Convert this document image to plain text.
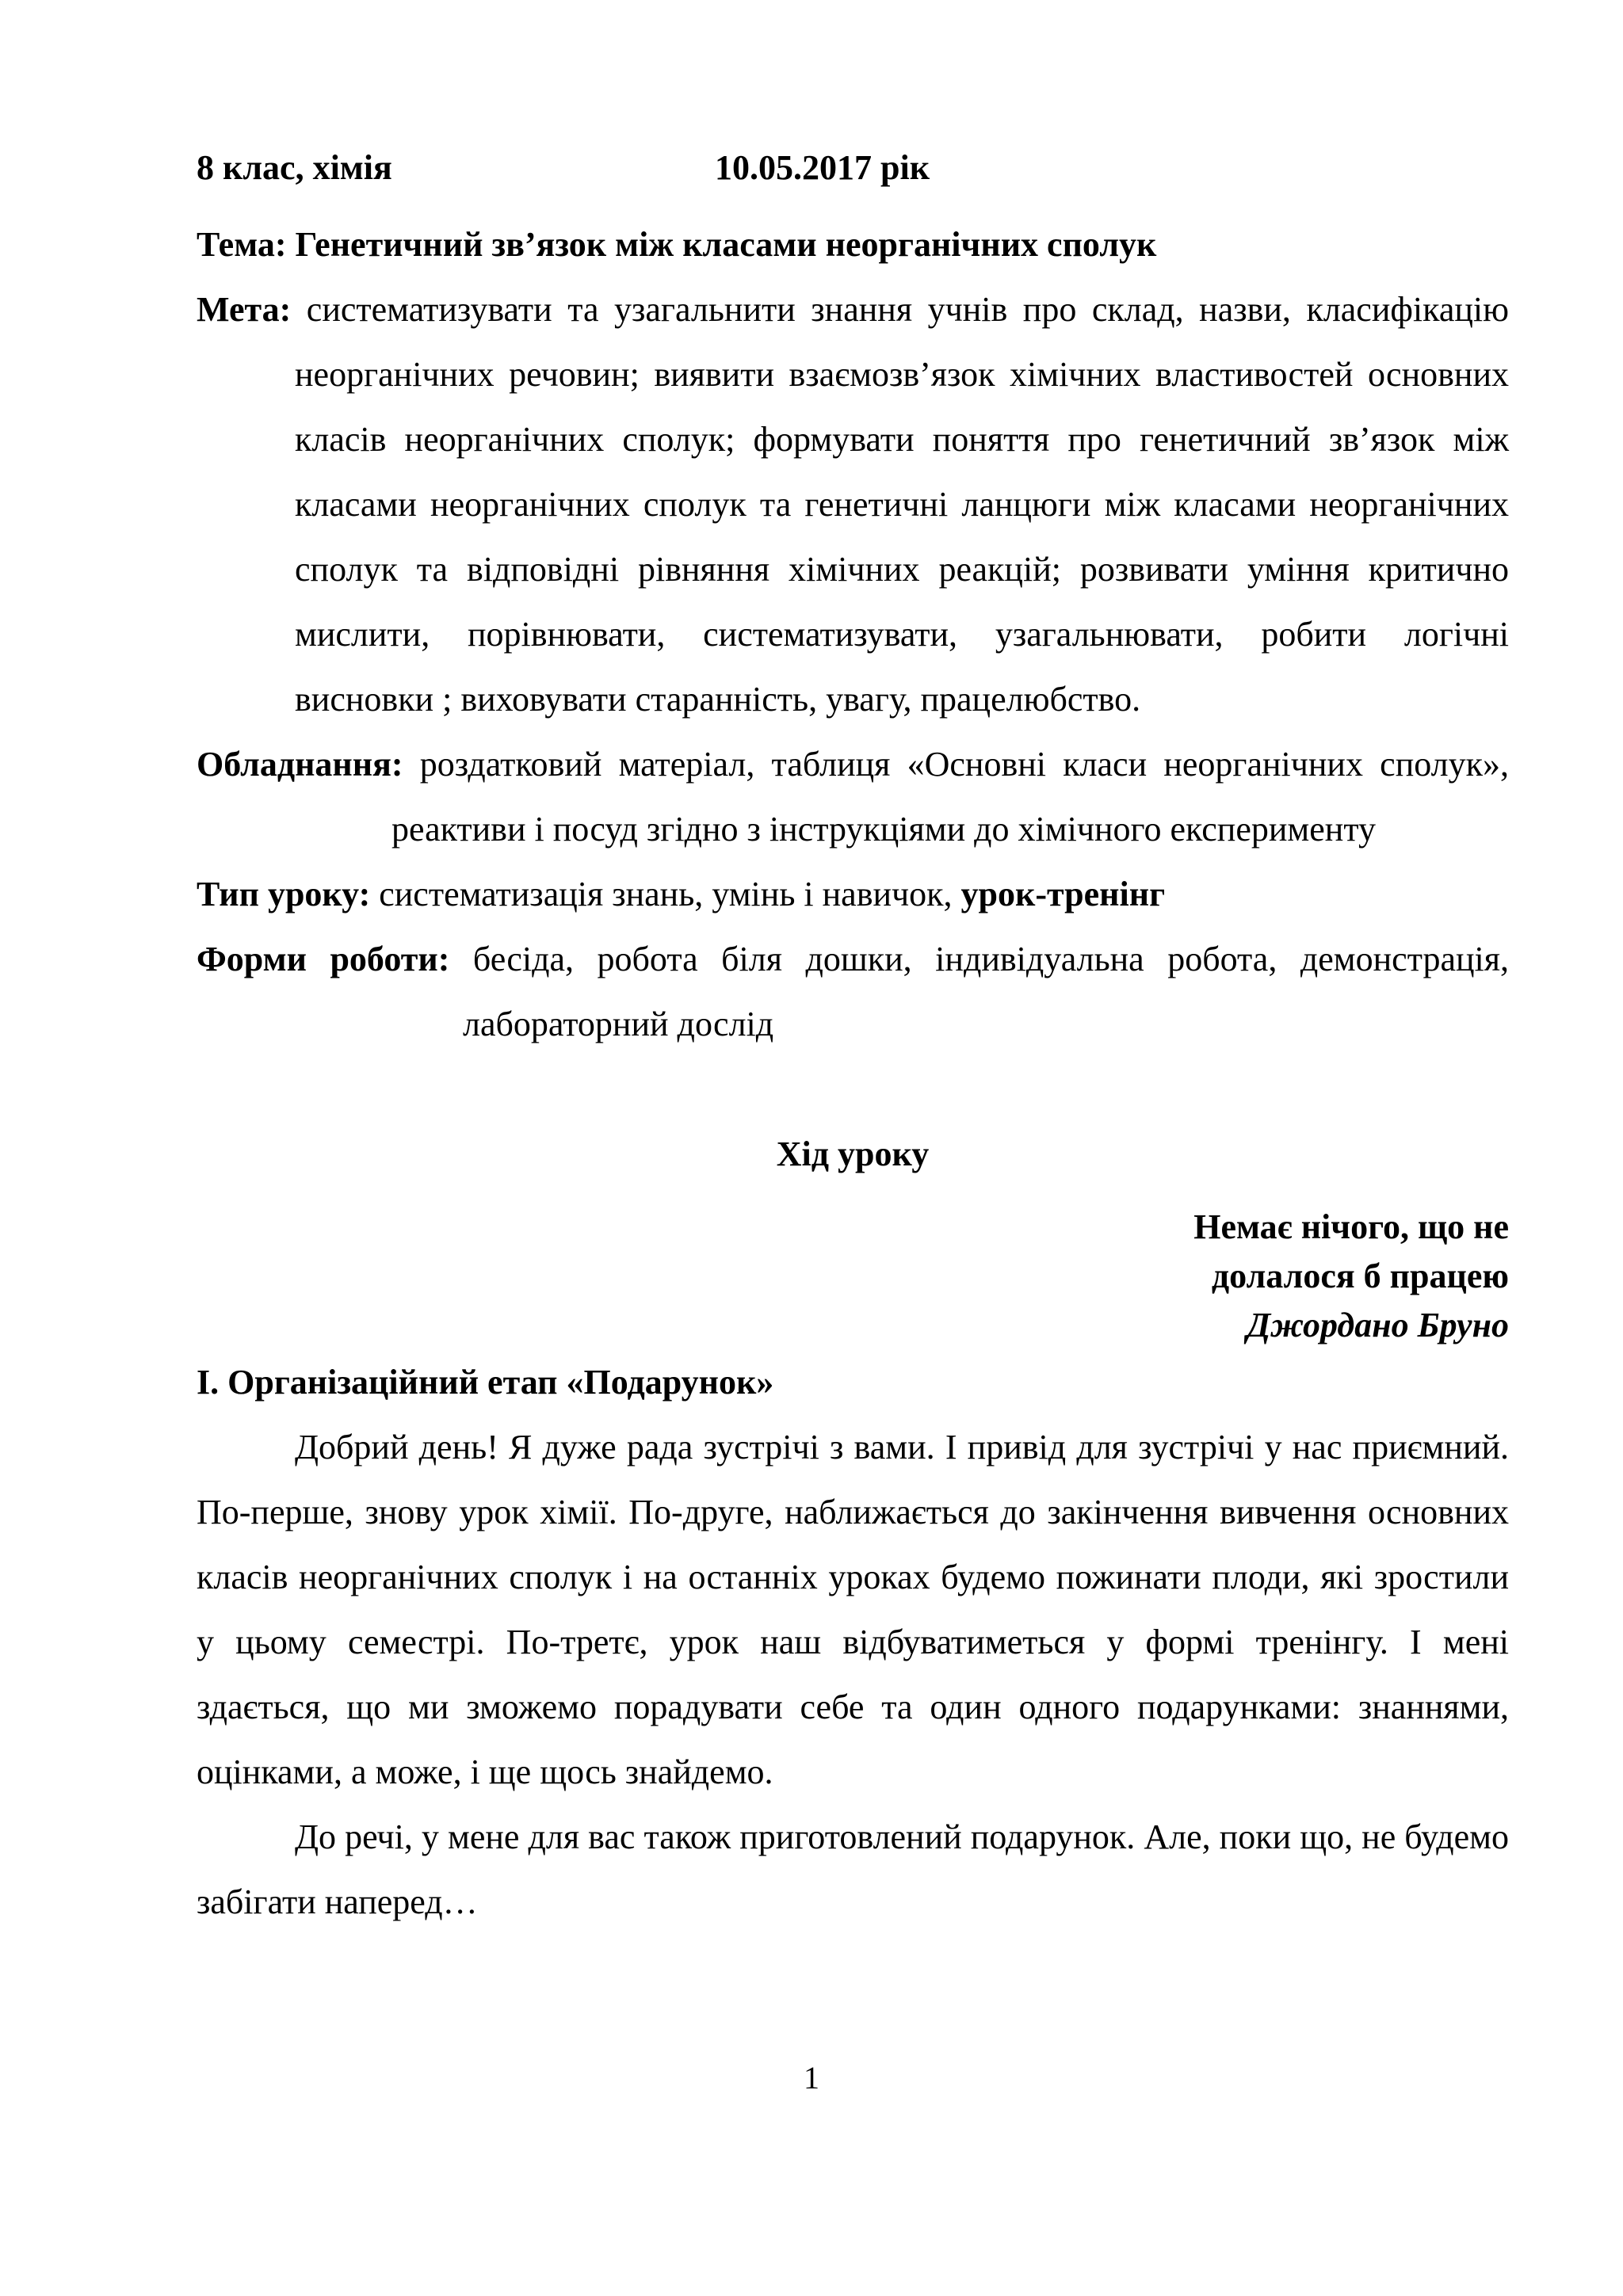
8 клас, хімія	10.05.2017 рік
Тема: Генетичний зв’язок між класами неорганічних сполук

Мета: систематизувати та узагальнити знання учнів про склад, назви, класифікацію неорганічних речовин; виявити взаємозв’язок хімічних властивостей основних класів неорганічних сполук; формувати поняття про генетичний зв’язок між класами неорганічних сполук та генетичні ланцюги між класами неорганічних сполук та відповідні рівняння хімічних реакцій; розвивати уміння критично мислити, порівнювати, систематизувати, узагальнювати, робити логічні висновки ; виховувати старанність, увагу, працелюбство.

Обладнання: роздатковий матеріал, таблиця «Основні класи неорганічних сполук», реактиви і посуд згідно з інструкціями до хімічного експерименту

Тип уроку: систематизація знань, умінь і навичок, урок-тренінг

Форми роботи: бесіда, робота біля дошки, індивідуальна робота, демонстрація, лабораторний дослід

Хід уроку
Немає нічого, що не
долалося б працею
Джордано Бруно
І. Організаційний етап «Подарунок»

Добрий день! Я дуже рада зустрічі з вами. І привід для зустрічі у нас приємний. По-перше, знову урок хімії. По-друге, наближається до закінчення вивчення основних класів неорганічних сполук і на останніх уроках будемо пожинати плоди, які зростили у цьому семестрі. По-третє, урок наш відбуватиметься у формі тренінгу. І мені здається, що ми зможемо порадувати себе та один одного подарунками: знаннями, оцінками, а може, і ще щось знайдемо.

До речі, у мене для вас також приготовлений подарунок. Але, поки що, не будемо забігати наперед…

1
